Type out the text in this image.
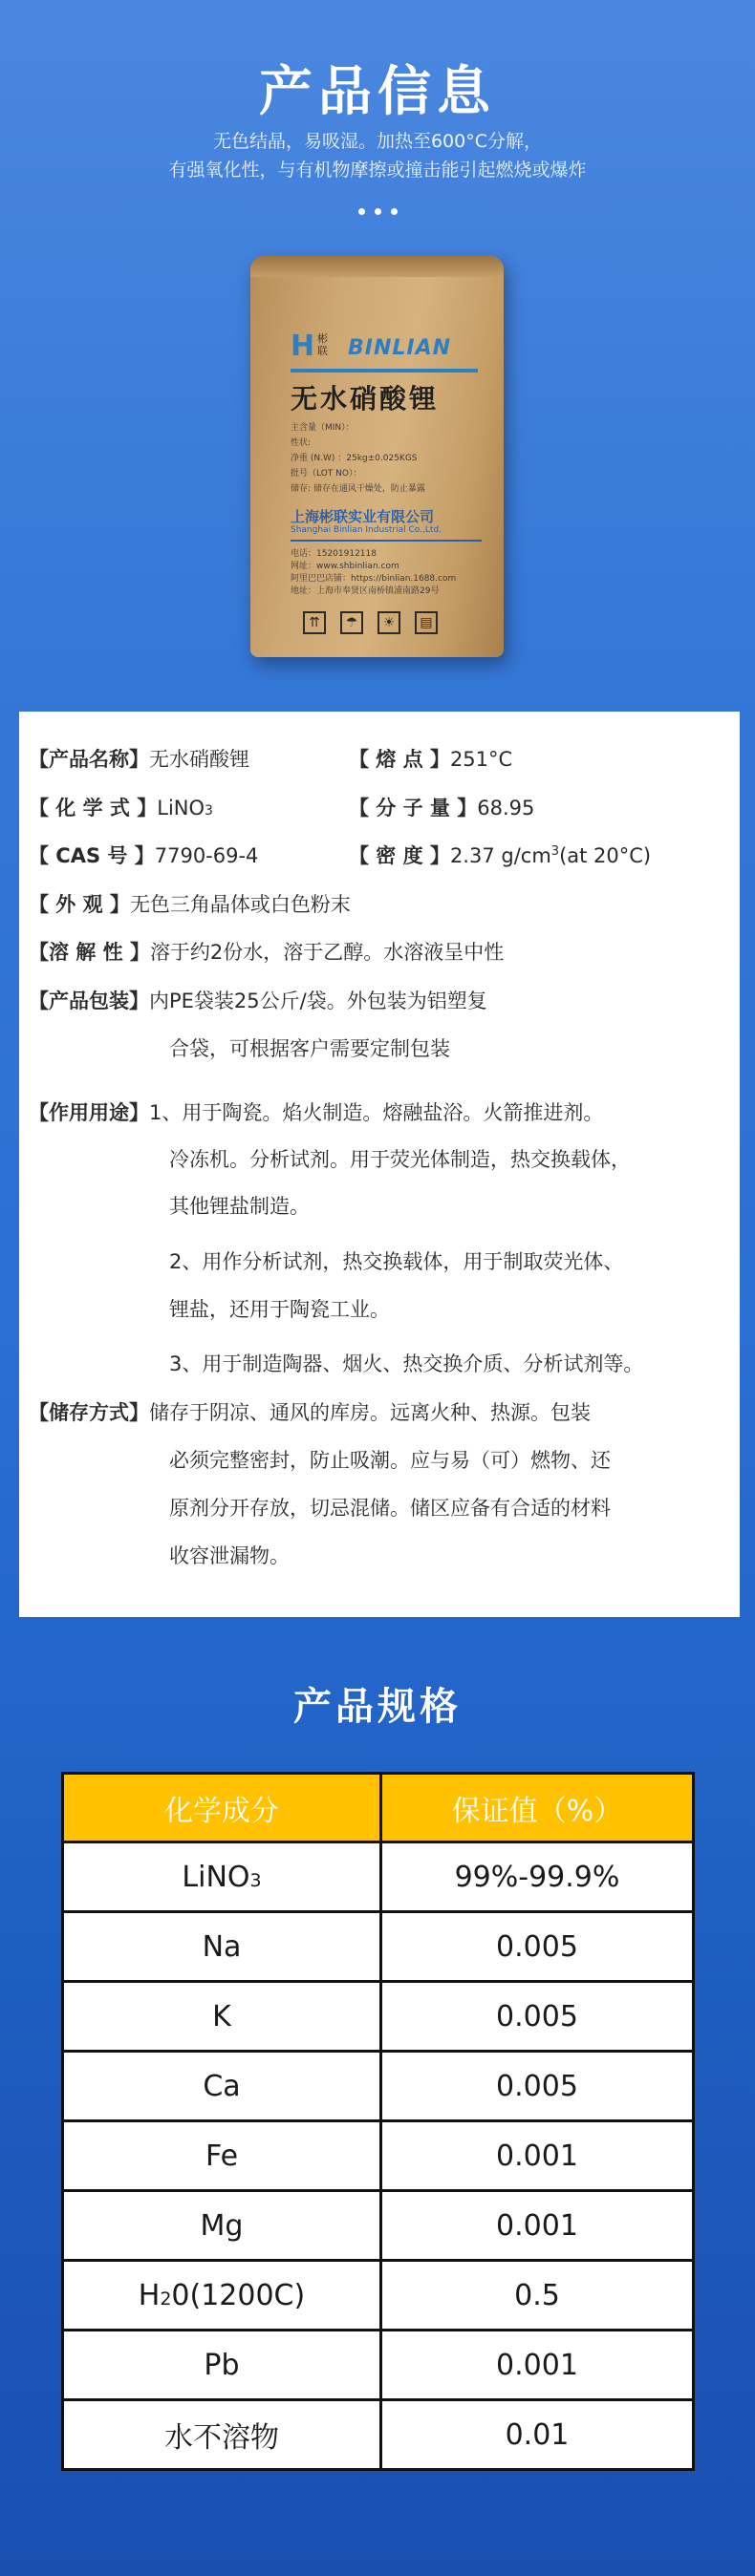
产品信息
无色结晶，易吸湿。加热至600°C分解，
有强氧化性，与有机物摩擦或撞击能引起燃烧或爆炸
H 彬联 BINLIAN
无水硝酸锂
主含量（MIN）：
性状:
净重 (N.W) ：25kg±0.025KGS
批号（LOT NO）：
储存: 储存在通风干燥处，防止暴露
上海彬联实业有限公司
Shanghai Binlian Industrial Co.,Ltd.
电话：15201912118
网址：www.shbinlian.com
阿里巴巴店铺：https://binlian.1688.com
地址：上海市奉贤区南桥镇浦南路29号
⇈ ☂ ☀ ▤
【产品名称】无水硝酸锂	【 熔 点 】251°C
【 化 学 式 】LiNO3	【 分 子 量 】68.95
【 CAS 号 】7790-69-4	【 密 度 】2.37 $g/cm^3(at$ 20°C)
【 外 观 】无色三角晶体或白色粉末
【溶 解 性 】溶于约2份水，溶于乙醇。水溶液呈中性
【产品包装】内PE袋装25公斤/袋。外包装为铝塑复
合袋，可根据客户需要定制包装
【作用用途】1、用于陶瓷。焰火制造。熔融盐浴。火箭推进剂。
冷冻机。分析试剂。用于荧光体制造，热交换载体，
其他锂盐制造。
2、用作分析试剂，热交换载体，用于制取荧光体、
锂盐，还用于陶瓷工业。
3、用于制造陶器、烟火、热交换介质、分析试剂等。
【储存方式】储存于阴凉、通风的库房。远离火种、热源。包装
必须完整密封，防止吸潮。应与易（可）燃物、还
原剂分开存放，切忌混储。储区应备有合适的材料
收容泄漏物。
产品规格
化学成分	保证值（%）
LiNO3	99%-99.9%
Na	0.005
K	0.005
Ca	0.005
Fe	0.001
Mg	0.001
H20(1200C)	0.5
Pb	0.001
水不溶物	0.01
